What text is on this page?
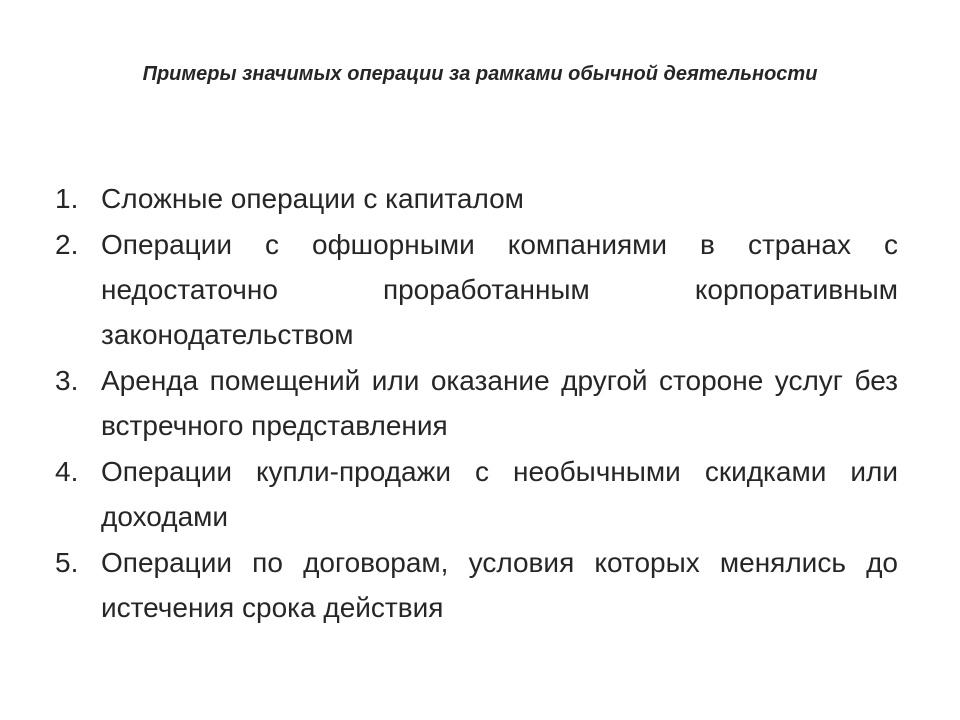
Примеры значимых операции за рамками обычной деятельности
1. Сложные операции с капиталом
2. Операции с офшорными компаниями в странах с недостаточно проработанным корпоративным законодательством
3. Аренда помещений или оказание другой стороне услуг без встречного представления
4. Операции купли-продажи с необычными скидками или доходами
5. Операции по договорам, условия которых менялись до истечения срока действия
